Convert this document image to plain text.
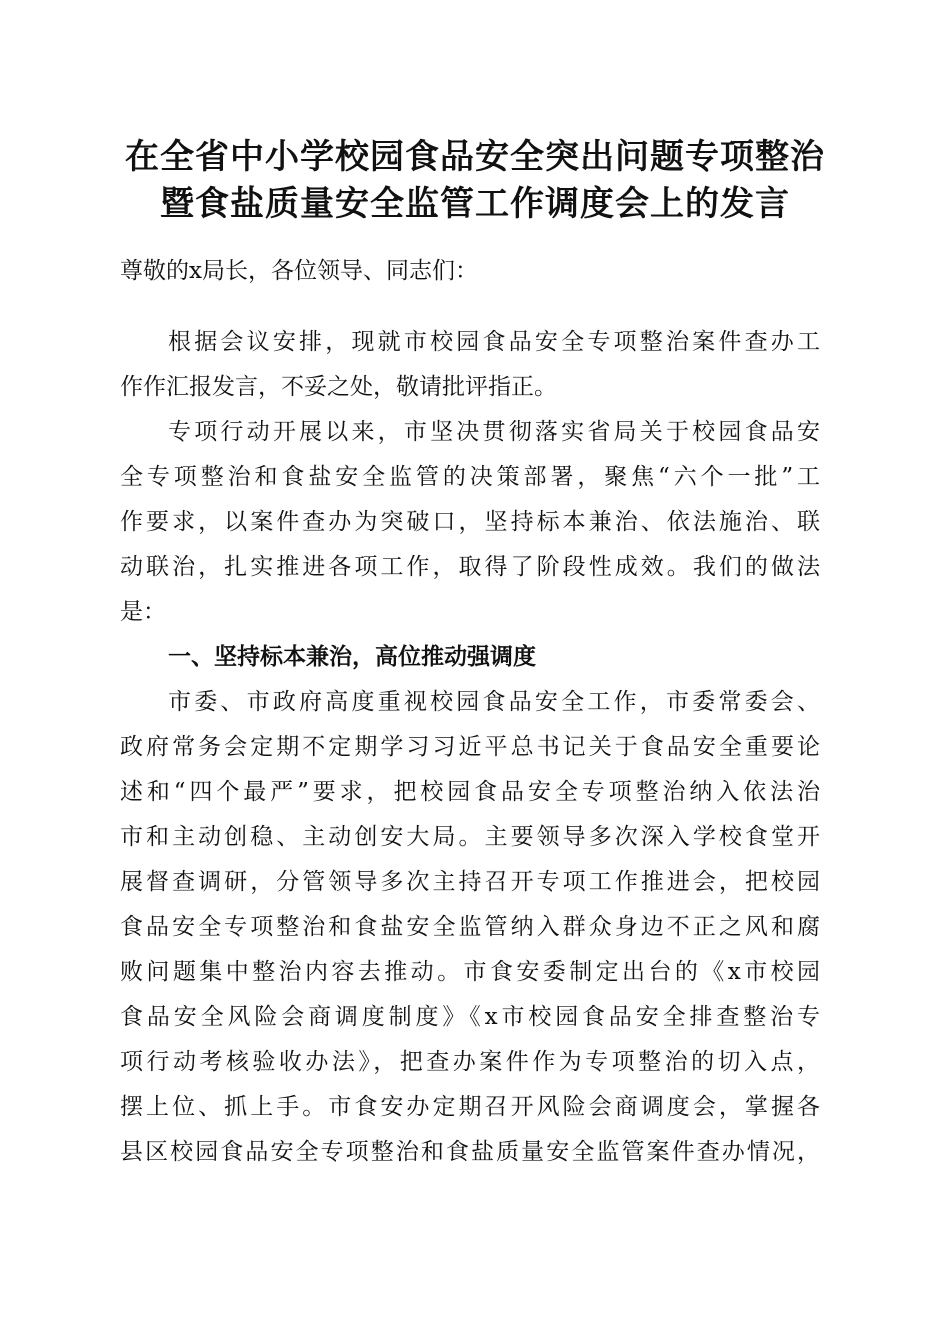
在全省中小学校园食品安全突出问题专项整治
暨食盐质量安全监管工作调度会上的发言

尊敬的x局长，各位领导、同志们：

根据会议安排，现就市校园食品安全专项整治案件查办工

作作汇报发言，不妥之处，敬请批评指正。

专项行动开展以来，市坚决贯彻落实省局关于校园食品安

全专项整治和食盐安全监管的决策部署，聚焦“六个一批”工

作要求，以案件查办为突破口，坚持标本兼治、依法施治、联

动联治，扎实推进各项工作，取得了阶段性成效。我们的做法

是：

一、坚持标本兼治，高位推动强调度

市委、市政府高度重视校园食品安全工作，市委常委会、

政府常务会定期不定期学习习近平总书记关于食品安全重要论

述和“四个最严”要求，把校园食品安全专项整治纳入依法治

市和主动创稳、主动创安大局。主要领导多次深入学校食堂开

展督查调研，分管领导多次主持召开专项工作推进会，把校园

食品安全专项整治和食盐安全监管纳入群众身边不正之风和腐

败问题集中整治内容去推动。市食安委制定出台的《x市校园

食品安全风险会商调度制度》《x市校园食品安全排查整治专

项行动考核验收办法》，把查办案件作为专项整治的切入点，

摆上位、抓上手。市食安办定期召开风险会商调度会，掌握各

县区校园食品安全专项整治和食盐质量安全监管案件查办情况，
